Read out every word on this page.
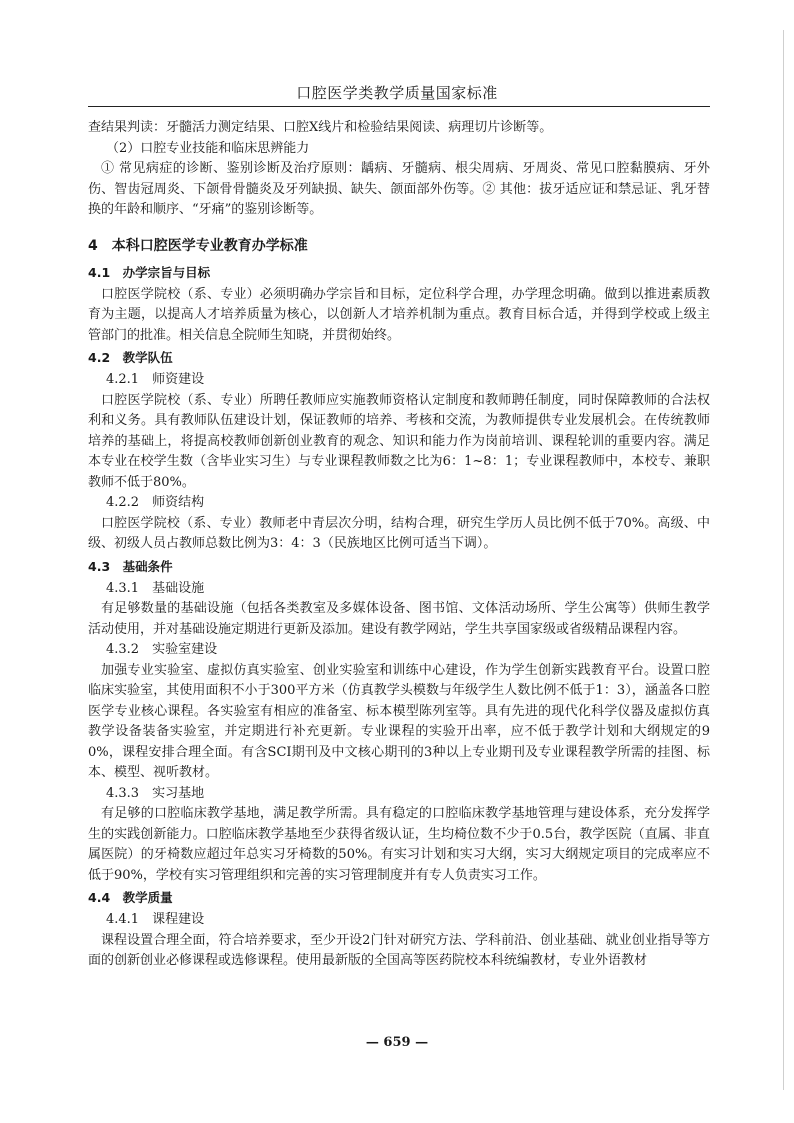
口腔医学类教学质量国家标准

查结果判读：牙髓活力测定结果、口腔X线片和检验结果阅读、病理切片诊断等。

（2）口腔专业技能和临床思辨能力

① 常见病症的诊断、鉴别诊断及治疗原则：龋病、牙髓病、根尖周病、牙周炎、常见口腔黏膜病、牙外伤、智齿冠周炎、下颌骨骨髓炎及牙列缺损、缺失、颌面部外伤等。② 其他：拔牙适应证和禁忌证、乳牙替换的年龄和顺序、“牙痛”的鉴别诊断等。

4　本科口腔医学专业教育办学标准
4.1　办学宗旨与目标

口腔医学院校（系、专业）必须明确办学宗旨和目标，定位科学合理，办学理念明确。做到以推进素质教育为主题，以提高人才培养质量为核心，以创新人才培养机制为重点。教育目标合适，并得到学校或上级主管部门的批准。相关信息全院师生知晓，并贯彻始终。

4.2　教学队伍

4.2.1　师资建设

口腔医学院校（系、专业）所聘任教师应实施教师资格认定制度和教师聘任制度，同时保障教师的合法权利和义务。具有教师队伍建设计划，保证教师的培养、考核和交流，为教师提供专业发展机会。在传统教师培养的基础上，将提高校教师创新创业教育的观念、知识和能力作为岗前培训、课程轮训的重要内容。满足本专业在校学生数（含毕业实习生）与专业课程教师数之比为6：1~8：1；专业课程教师中，本校专、兼职教师不低于80%。

4.2.2　师资结构

口腔医学院校（系、专业）教师老中青层次分明，结构合理，研究生学历人员比例不低于70%。高级、中级、初级人员占教师总数比例为3：4：3（民族地区比例可适当下调）。

4.3　基础条件

4.3.1　基础设施

有足够数量的基础设施（包括各类教室及多媒体设备、图书馆、文体活动场所、学生公寓等）供师生教学活动使用，并对基础设施定期进行更新及添加。建设有教学网站，学生共享国家级或省级精品课程内容。

4.3.2　实验室建设

加强专业实验室、虚拟仿真实验室、创业实验室和训练中心建设，作为学生创新实践教育平台。设置口腔临床实验室，其使用面积不小于300平方米（仿真教学头模数与年级学生人数比例不低于1：3），涵盖各口腔医学专业核心课程。各实验室有相应的准备室、标本模型陈列室等。具有先进的现代化科学仪器及虚拟仿真教学设备装备实验室，并定期进行补充更新。专业课程的实验开出率，应不低于教学计划和大纲规定的90%，课程安排合理全面。有含SCI期刊及中文核心期刊的3种以上专业期刊及专业课程教学所需的挂图、标本、模型、视听教材。

4.3.3　实习基地

有足够的口腔临床教学基地，满足教学所需。具有稳定的口腔临床教学基地管理与建设体系，充分发挥学生的实践创新能力。口腔临床教学基地至少获得省级认证，生均椅位数不少于0.5台，教学医院（直属、非直属医院）的牙椅数应超过年总实习牙椅数的50%。有实习计划和实习大纲，实习大纲规定项目的完成率应不低于90%，学校有实习管理组织和完善的实习管理制度并有专人负责实习工作。

4.4　教学质量

4.4.1　课程建设

课程设置合理全面，符合培养要求，至少开设2门针对研究方法、学科前沿、创业基础、就业创业指导等方面的创新创业必修课程或选修课程。使用最新版的全国高等医药院校本科统编教材，专业外语教材

— 659 —
